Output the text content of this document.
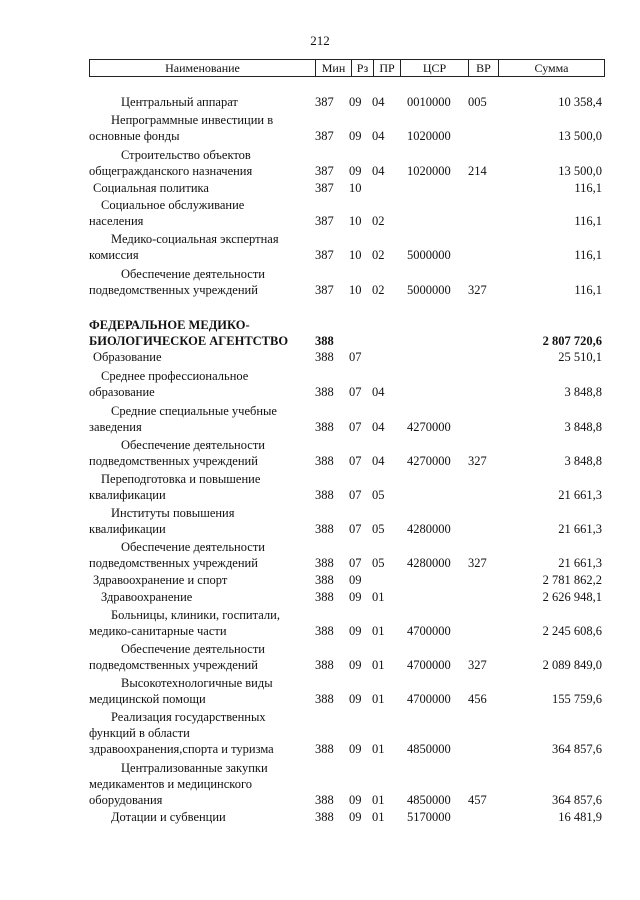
212
Наименование	Мин Рз ПР	ЦСР	ВР	Сумма
Центральный аппарат	387 09 04 0010000 005	10 358,4
Непрограммные инвестиции в
основные фонды	387 09 04 1020000	13 500,0
Строительство объектов
общегражданского назначения	387 09 04 1020000 214	13 500,0
Социальная политика	387 10	116,1
Социальное обслуживание
населения	387 10 02	116,1
Медико-социальная экспертная
комиссия	387 10 02 5000000	116,1
Обеспечение деятельности
подведомственных учреждений	387 10 02 5000000 327	116,1
ФЕДЕРАЛЬНОЕ МЕДИКО-
БИОЛОГИЧЕСКОЕ АГЕНТСТВО	388	2 807 720,6
Образование	388 07	25 510,1
Среднее профессиональное
образование	388 07 04	3 848,8
Средние специальные учебные
заведения	388 07 04 4270000	3 848,8
Обеспечение деятельности
подведомственных учреждений	388 07 04 4270000 327	3 848,8
Переподготовка и повышение
квалификации	388 07 05	21 661,3
Институты повышения
квалификации	388 07 05 4280000	21 661,3
Обеспечение деятельности
подведомственных учреждений	388 07 05 4280000 327	21 661,3
Здравоохранение и спорт	388 09	2 781 862,2
Здравоохранение	388 09 01	2 626 948,1
Больницы, клиники, госпитали,
медико-санитарные части	388 09 01 4700000	2 245 608,6
Обеспечение деятельности
подведомственных учреждений	388 09 01 4700000 327	2 089 849,0
Высокотехнологичные виды
медицинской помощи	388 09 01 4700000 456	155 759,6
Реализация государственных
функций в области
здравоохранения,спорта и туризма	388 09 01 4850000	364 857,6
Централизованные закупки
медикаментов и медицинского
оборудования	388 09 01 4850000 457	364 857,6
Дотации и субвенции	388 09 01 5170000	16 481,9
